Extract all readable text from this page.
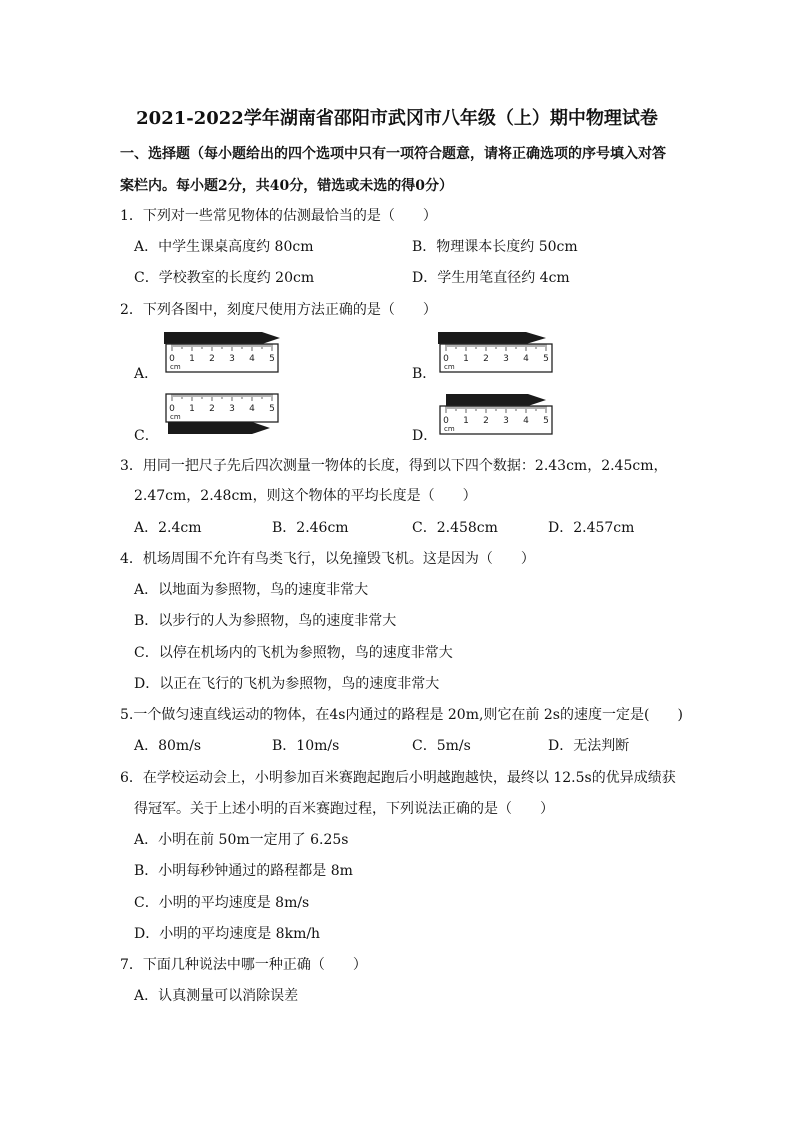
2021-2022学年湖南省邵阳市武冈市八年级（上）期中物理试卷
一、选择题（每小题给出的四个选项中只有一项符合题意，请将正确选项的序号填入对答
案栏内。每小题2分，共40分，错选或未选的得0分）
1．下列对一些常见物体的估测最恰当的是（　　）
A．中学生课桌高度约 80cm	B．物理课本长度约 50cm
C．学校教室的长度约 20cm	D．学生用笔直径约 4cm
2．下列各图中，刻度尺使用方法正确的是（　　）
A．
0 1 2 3 4 5
cm	B．
0 1 2 3 4 5
cm
C．
0 1 2 3 4 5
cm
D．
0 1 2 3 4 5
cm
3．用同一把尺子先后四次测量一物体的长度，得到以下四个数据：2.43cm，2.45cm，
2.47cm，2.48cm，则这个物体的平均长度是（　　）
A．2.4cm	B．2.46cm	C．2.458cm	D．2.457cm
4．机场周围不允许有鸟类飞行，以免撞毁飞机。这是因为（　　）
A．以地面为参照物，鸟的速度非常大
B．以步行的人为参照物，鸟的速度非常大
C．以停在机场内的飞机为参照物，鸟的速度非常大
D．以正在飞行的飞机为参照物，鸟的速度非常大
5.一个做匀速直线运动的物体，在4s内通过的路程是 20m,则它在前 2s的速度一定是(　　)
A．80m/s	B．10m/s	C．5m/s	D．无法判断
6．在学校运动会上，小明参加百米赛跑起跑后小明越跑越快，最终以 12.5s的优异成绩获
得冠军。关于上述小明的百米赛跑过程，下列说法正确的是（　　）
A．小明在前 50m一定用了 6.25s
B．小明每秒钟通过的路程都是 8m
C．小明的平均速度是 8m/s
D．小明的平均速度是 8km/h
7．下面几种说法中哪一种正确（　　）
A．认真测量可以消除误差
